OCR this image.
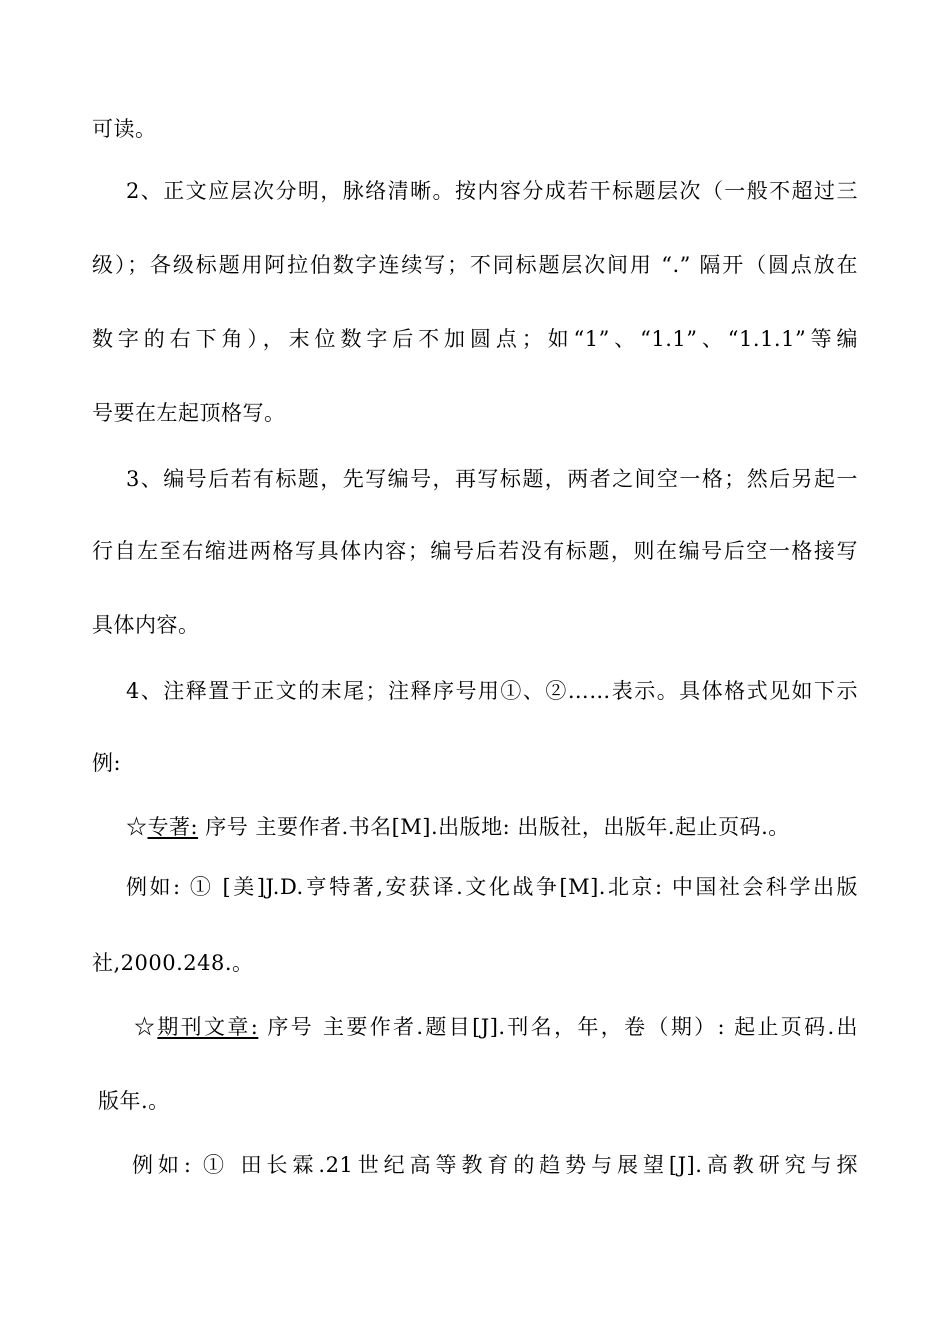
可读。
2、正文应层次分明，脉络清晰。按内容分成若干标题层次（一般不超过三
级）；各级标题用阿拉伯数字连续写；不同标题层次间用 “.” 隔开（圆点放在
数字的右下角），末位数字后不加圆点；如“1”、“1.1”、“1.1.1”等编
号要在左起顶格写。
3、编号后若有标题，先写编号，再写标题，两者之间空一格；然后另起一
行自左至右缩进两格写具体内容；编号后若没有标题，则在编号后空一格接写
具体内容。
4、注释置于正文的末尾；注释序号用①、②……表示。具体格式见如下示
例:
☆专著: 序号 主要作者.书名[M].出版地: 出版社，出版年.起止页码.。
例如: ① [美]J.D.亨特著,安获译.文化战争[M].北京: 中国社会科学出版
社,2000.248.。
☆期刊文章: 序号 主要作者.题目[J].刊名，年，卷（期）: 起止页码.出
版年.。
例如: ① 田长霖.21世纪高等教育的趋势与展望[J].高教研究与探
